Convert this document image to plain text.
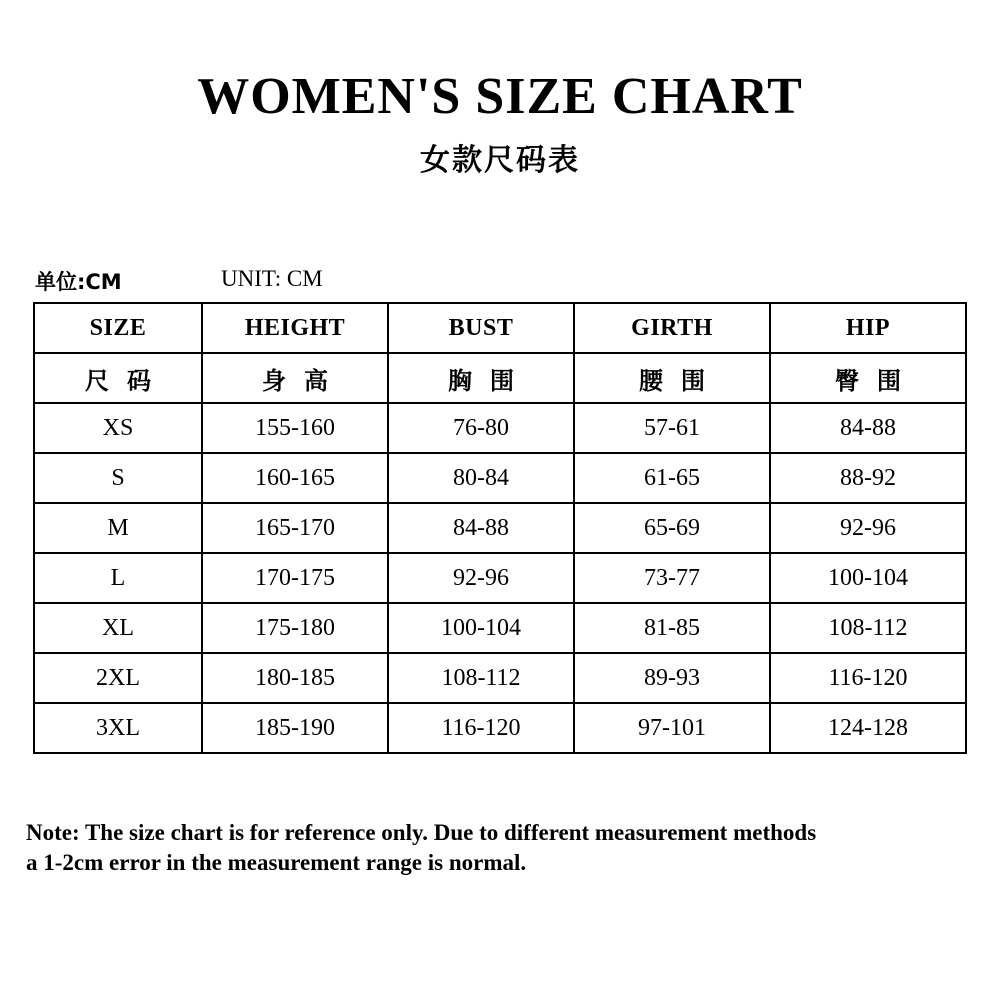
WOMEN'S SIZE CHART
女款尺码表
单位:CM	UNIT: CM
SIZE	HEIGHT	BUST	GIRTH	HIP
尺 码	身 高	胸 围	腰 围	臀 围
XS	155-160	76-80	57-61	84-88
S	160-165	80-84	61-65	88-92
M	165-170	84-88	65-69	92-96
L	170-175	92-96	73-77	100-104
XL	175-180	100-104	81-85	108-112
2XL	180-185	108-112	89-93	116-120
3XL	185-190	116-120	97-101	124-128
Note: The size chart is for reference only. Due to different measurement methods
a 1-2cm error in the measurement range is normal.
